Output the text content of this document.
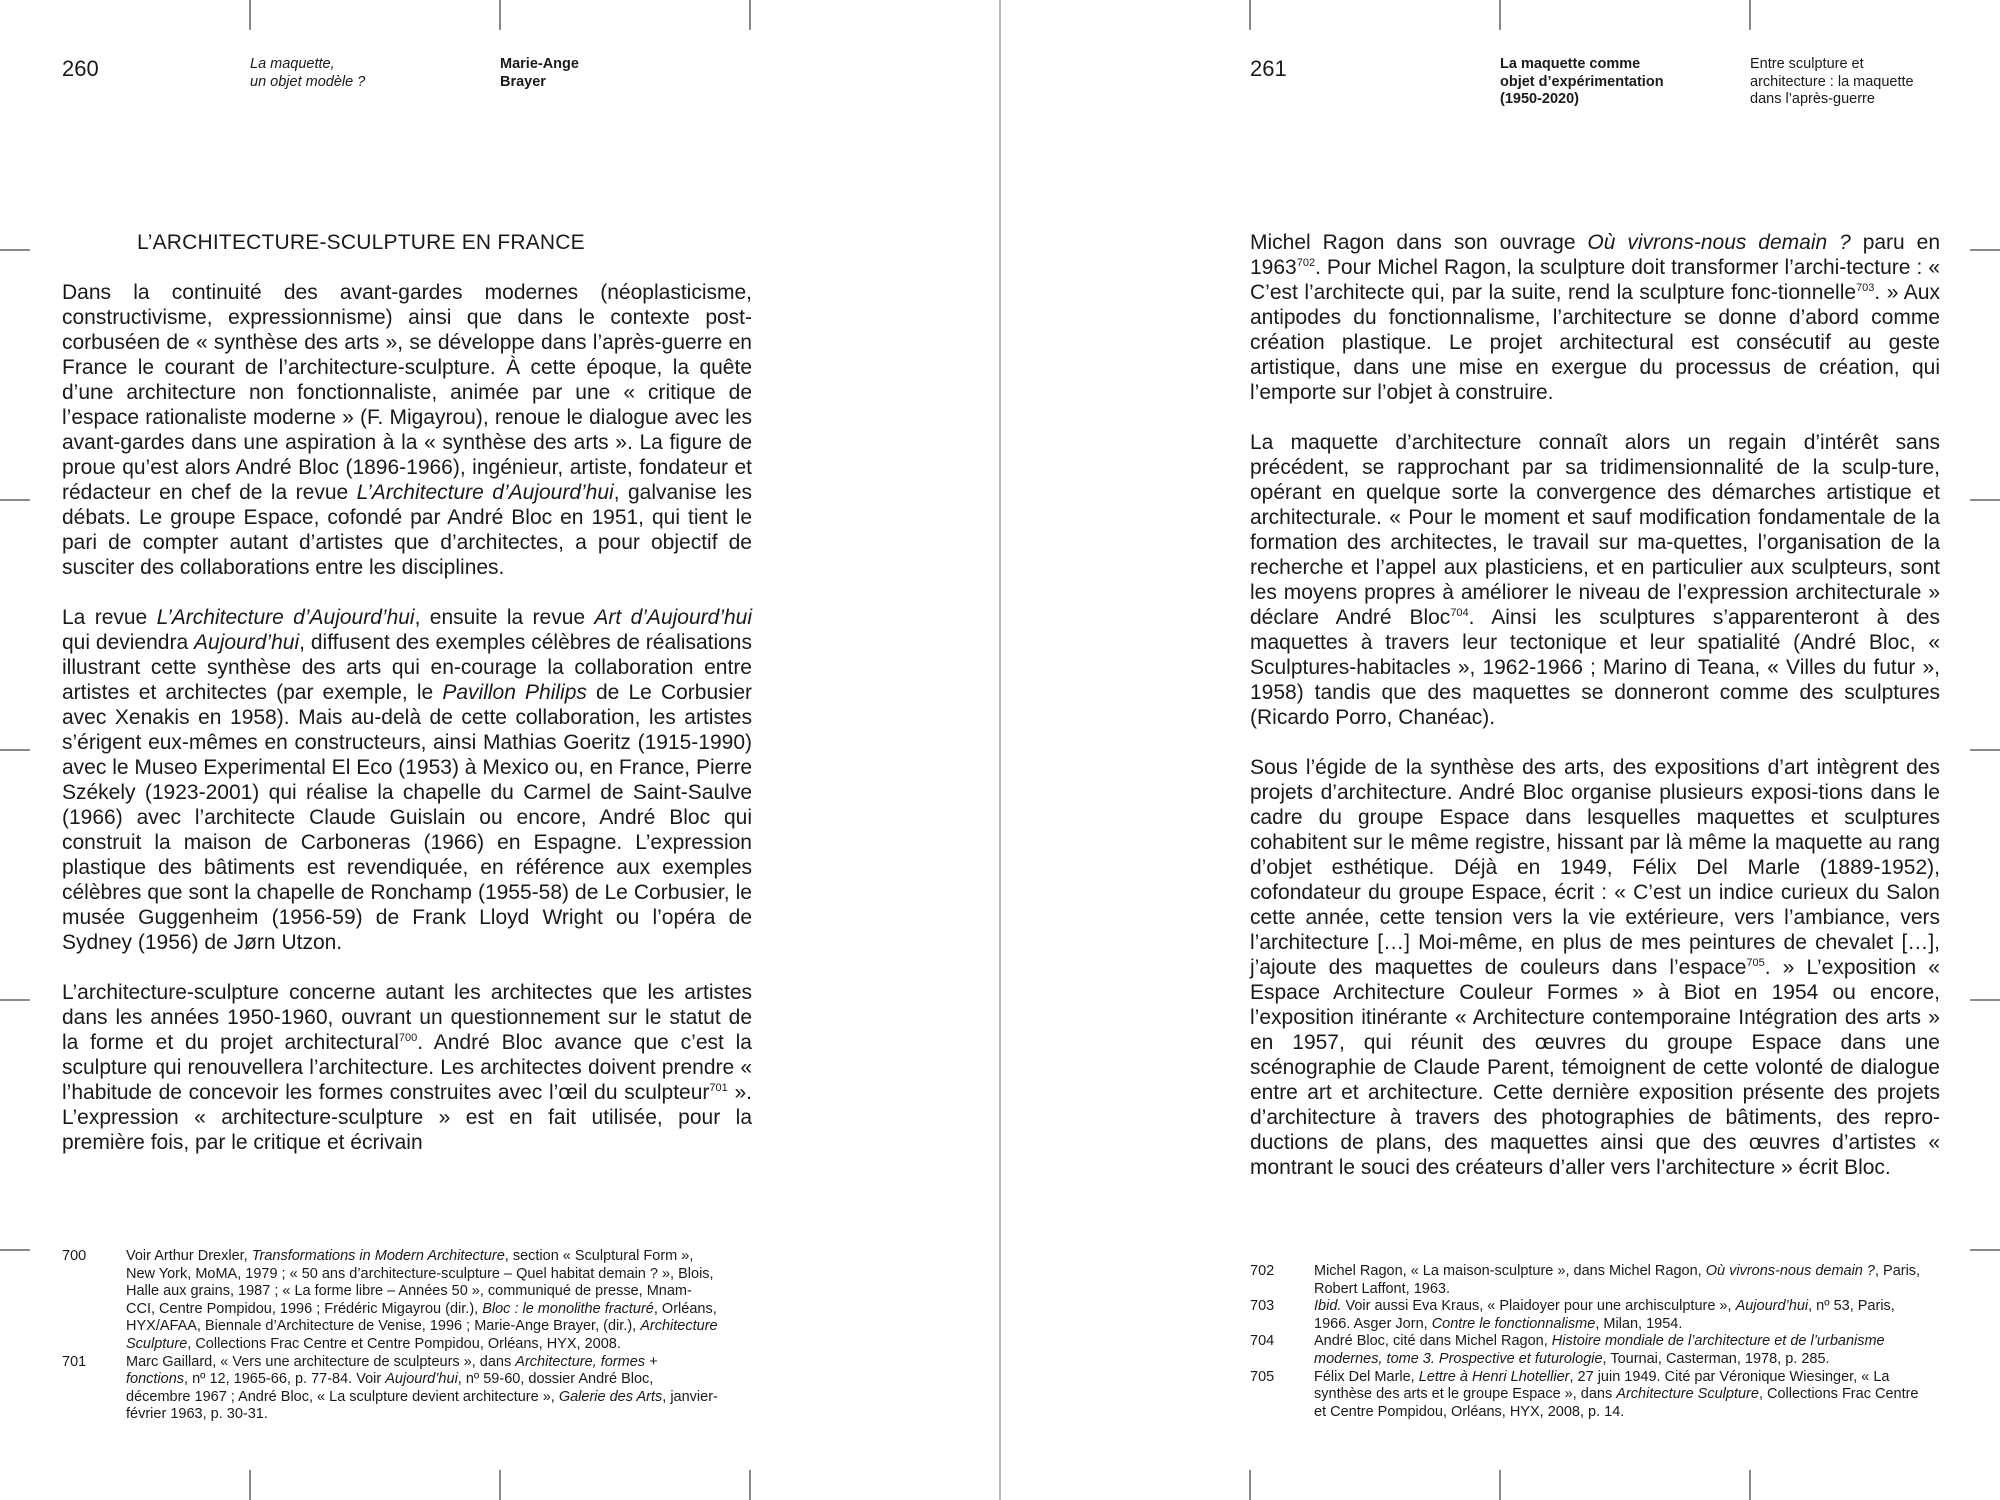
260	La maquette,
un objet modèle ?
Marie-Ange
Brayer
261	La maquette comme
objet d’expérimentation
(1950-2020)
Entre sculpture et
architecture : la maquette
dans l’après-guerre
L’ARCHITECTURE-SCULPTURE EN FRANCE

Dans la continuité des avant-gardes modernes (néoplasticisme, constructivisme, expressionnisme) ainsi que dans le contexte post-corbuséen de « synthèse des arts », se développe dans l’après-guerre en France le courant de l’architecture-sculpture. À cette époque, la quête d’une architecture non fonctionnaliste, animée par une « critique de l’espace rationaliste moderne » (F. Migayrou), renoue le dialogue avec les avant-gardes dans une aspiration à la « synthèse des arts ». La figure de proue qu’est alors André Bloc (1896-1966), ingénieur, artiste, fondateur et rédacteur en chef de la revue L’Architecture d’Aujourd’hui, galvanise les débats. Le groupe Espace, cofondé par André Bloc en 1951, qui tient le pari de compter autant d’artistes que d’architectes, a pour objectif de susciter des collaborations entre les disciplines.

La revue L’Architecture d’Aujourd’hui, ensuite la revue Art d’Aujourd’hui qui deviendra Aujourd’hui, diffusent des exemples célèbres de réalisations illustrant cette synthèse des arts qui en-courage la collaboration entre artistes et architectes (par exemple, le Pavillon Philips de Le Corbusier avec Xenakis en 1958). Mais au-delà de cette collaboration, les artistes s’érigent eux-mêmes en constructeurs, ainsi Mathias Goeritz (1915-1990) avec le Museo Experimental El Eco (1953) à Mexico ou, en France, Pierre Székely (1923-2001) qui réalise la chapelle du Carmel de Saint-Saulve (1966) avec l’architecte Claude Guislain ou encore, André Bloc qui construit la maison de Carboneras (1966) en Espagne. L’expression plastique des bâtiments est revendiquée, en référence aux exemples célèbres que sont la chapelle de Ronchamp (1955-58) de Le Corbusier, le musée Guggenheim (1956-59) de Frank Lloyd Wright ou l’opéra de Sydney (1956) de Jørn Utzon.

L’architecture-sculpture concerne autant les architectes que les artistes dans les années 1950-1960, ouvrant un questionnement sur le statut de la forme et du projet architectural$^{700}$. André Bloc avance que c’est la sculpture qui renouvellera l’architecture. Les architectes doivent prendre « l’habitude de concevoir les formes construites avec l’œil du sculpteur$^{701}$ ». L’expression « architecture-sculpture » est en fait utilisée, pour la première fois, par le critique et écrivain

700	Voir Arthur Drexler, Transformations in Modern Architecture, section « Sculptural Form », New York, MoMA, 1979 ; « 50 ans d’architecture-sculpture – Quel habitat demain ? », Blois, Halle aux grains, 1987 ; « La forme libre – Années 50 », communiqué de presse, Mnam-CCI, Centre Pompidou, 1996 ; Frédéric Migayrou (dir.), Bloc : le monolithe fracturé, Orléans, HYX/AFAA, Biennale d’Architecture de Venise, 1996 ; Marie-Ange Brayer, (dir.), Architecture Sculpture, Collections Frac Centre et Centre Pompidou, Orléans, HYX, 2008.
701	Marc Gaillard, « Vers une architecture de sculpteurs », dans Architecture, formes + fonctions, nº 12, 1965-66, p. 77-84. Voir Aujourd’hui, nº 59-60, dossier André Bloc, décembre 1967 ; André Bloc, « La sculpture devient architecture », Galerie des Arts, janvier-février 1963, p. 30-31.

Michel Ragon dans son ouvrage Où vivrons-nous demain ? paru en 1963$^{702}$. Pour Michel Ragon, la sculpture doit transformer l’archi-tecture : « C’est l’architecte qui, par la suite, rend la sculpture fonc-tionnelle$^{703}$. » Aux antipodes du fonctionnalisme, l’architecture se donne d’abord comme création plastique. Le projet architectural est consécutif au geste artistique, dans une mise en exergue du processus de création, qui l’emporte sur l’objet à construire.

La maquette d’architecture connaît alors un regain d’intérêt sans précédent, se rapprochant par sa tridimensionnalité de la sculp-ture, opérant en quelque sorte la convergence des démarches artistique et architecturale. « Pour le moment et sauf modification fondamentale de la formation des architectes, le travail sur ma-quettes, l’organisation de la recherche et l’appel aux plasticiens, et en particulier aux sculpteurs, sont les moyens propres à améliorer le niveau de l’expression architecturale » déclare André Bloc$^{704}$. Ainsi les sculptures s’apparenteront à des maquettes à travers leur tectonique et leur spatialité (André Bloc, « Sculptures-habitacles », 1962-1966 ; Marino di Teana, « Villes du futur », 1958) tandis que des maquettes se donneront comme des sculptures (Ricardo Porro, Chanéac).

Sous l’égide de la synthèse des arts, des expositions d’art intègrent des projets d’architecture. André Bloc organise plusieurs exposi-tions dans le cadre du groupe Espace dans lesquelles maquettes et sculptures cohabitent sur le même registre, hissant par là même la maquette au rang d’objet esthétique. Déjà en 1949, Félix Del Marle (1889-1952), cofondateur du groupe Espace, écrit : « C’est un indice curieux du Salon cette année, cette tension vers la vie extérieure, vers l’ambiance, vers l’architecture […] Moi-même, en plus de mes peintures de chevalet […], j’ajoute des maquettes de couleurs dans l’espace$^{705}$. » L’exposition « Espace Architecture Couleur Formes » à Biot en 1954 ou encore, l’exposition itinérante « Architecture contemporaine Intégration des arts » en 1957, qui réunit des œuvres du groupe Espace dans une scénographie de Claude Parent, témoignent de cette volonté de dialogue entre art et architecture. Cette dernière exposition présente des projets d’architecture à travers des photographies de bâtiments, des repro-ductions de plans, des maquettes ainsi que des œuvres d’artistes « montrant le souci des créateurs d’aller vers l’architecture » écrit Bloc.

702	Michel Ragon, « La maison-sculpture », dans Michel Ragon, Où vivrons-nous demain ?, Paris, Robert Laffont, 1963.
703	Ibid. Voir aussi Eva Kraus, « Plaidoyer pour une archisculpture », Aujourd’hui, nº 53, Paris, 1966. Asger Jorn, Contre le fonctionnalisme, Milan, 1954.
704	André Bloc, cité dans Michel Ragon, Histoire mondiale de l’architecture et de l’urbanisme modernes, tome 3. Prospective et futurologie, Tournai, Casterman, 1978, p. 285.
705	Félix Del Marle, Lettre à Henri Lhotellier, 27 juin 1949. Cité par Véronique Wiesinger, « La synthèse des arts et le groupe Espace », dans Architecture Sculpture, Collections Frac Centre et Centre Pompidou, Orléans, HYX, 2008, p. 14.
